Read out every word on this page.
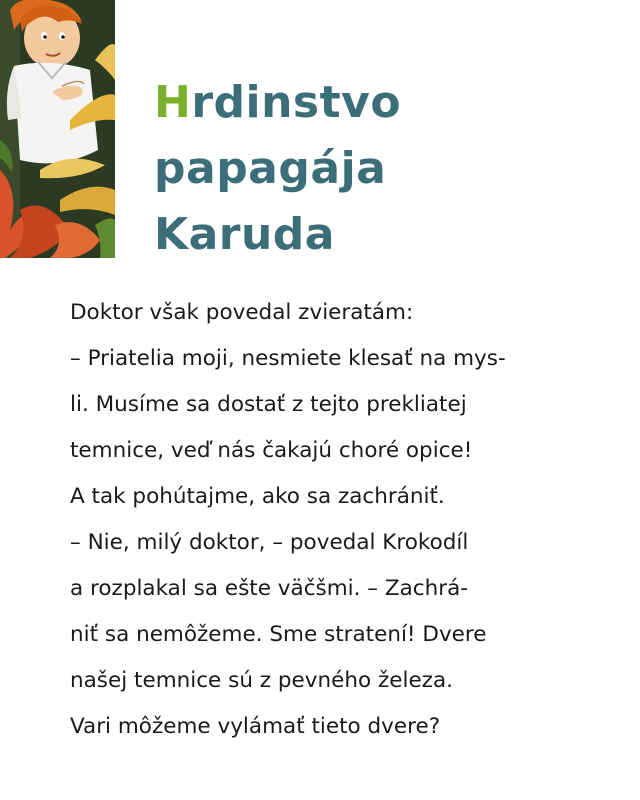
Hrdinstvo
papagája
Karuda
Doktor však povedal zvieratám:
– Priatelia moji, nesmiete klesať na mys-
li. Musíme sa dostať z tejto prekliatej
temnice, veď nás čakajú choré opice!
A tak pohútajme, ako sa zachrániť.
– Nie, milý doktor, – povedal Krokodíl
a rozplakal sa ešte väčšmi. – Zachrá-
niť sa nemôžeme. Sme stratení! Dvere
našej temnice sú z pevného železa.
Vari môžeme vylámať tieto dvere?
